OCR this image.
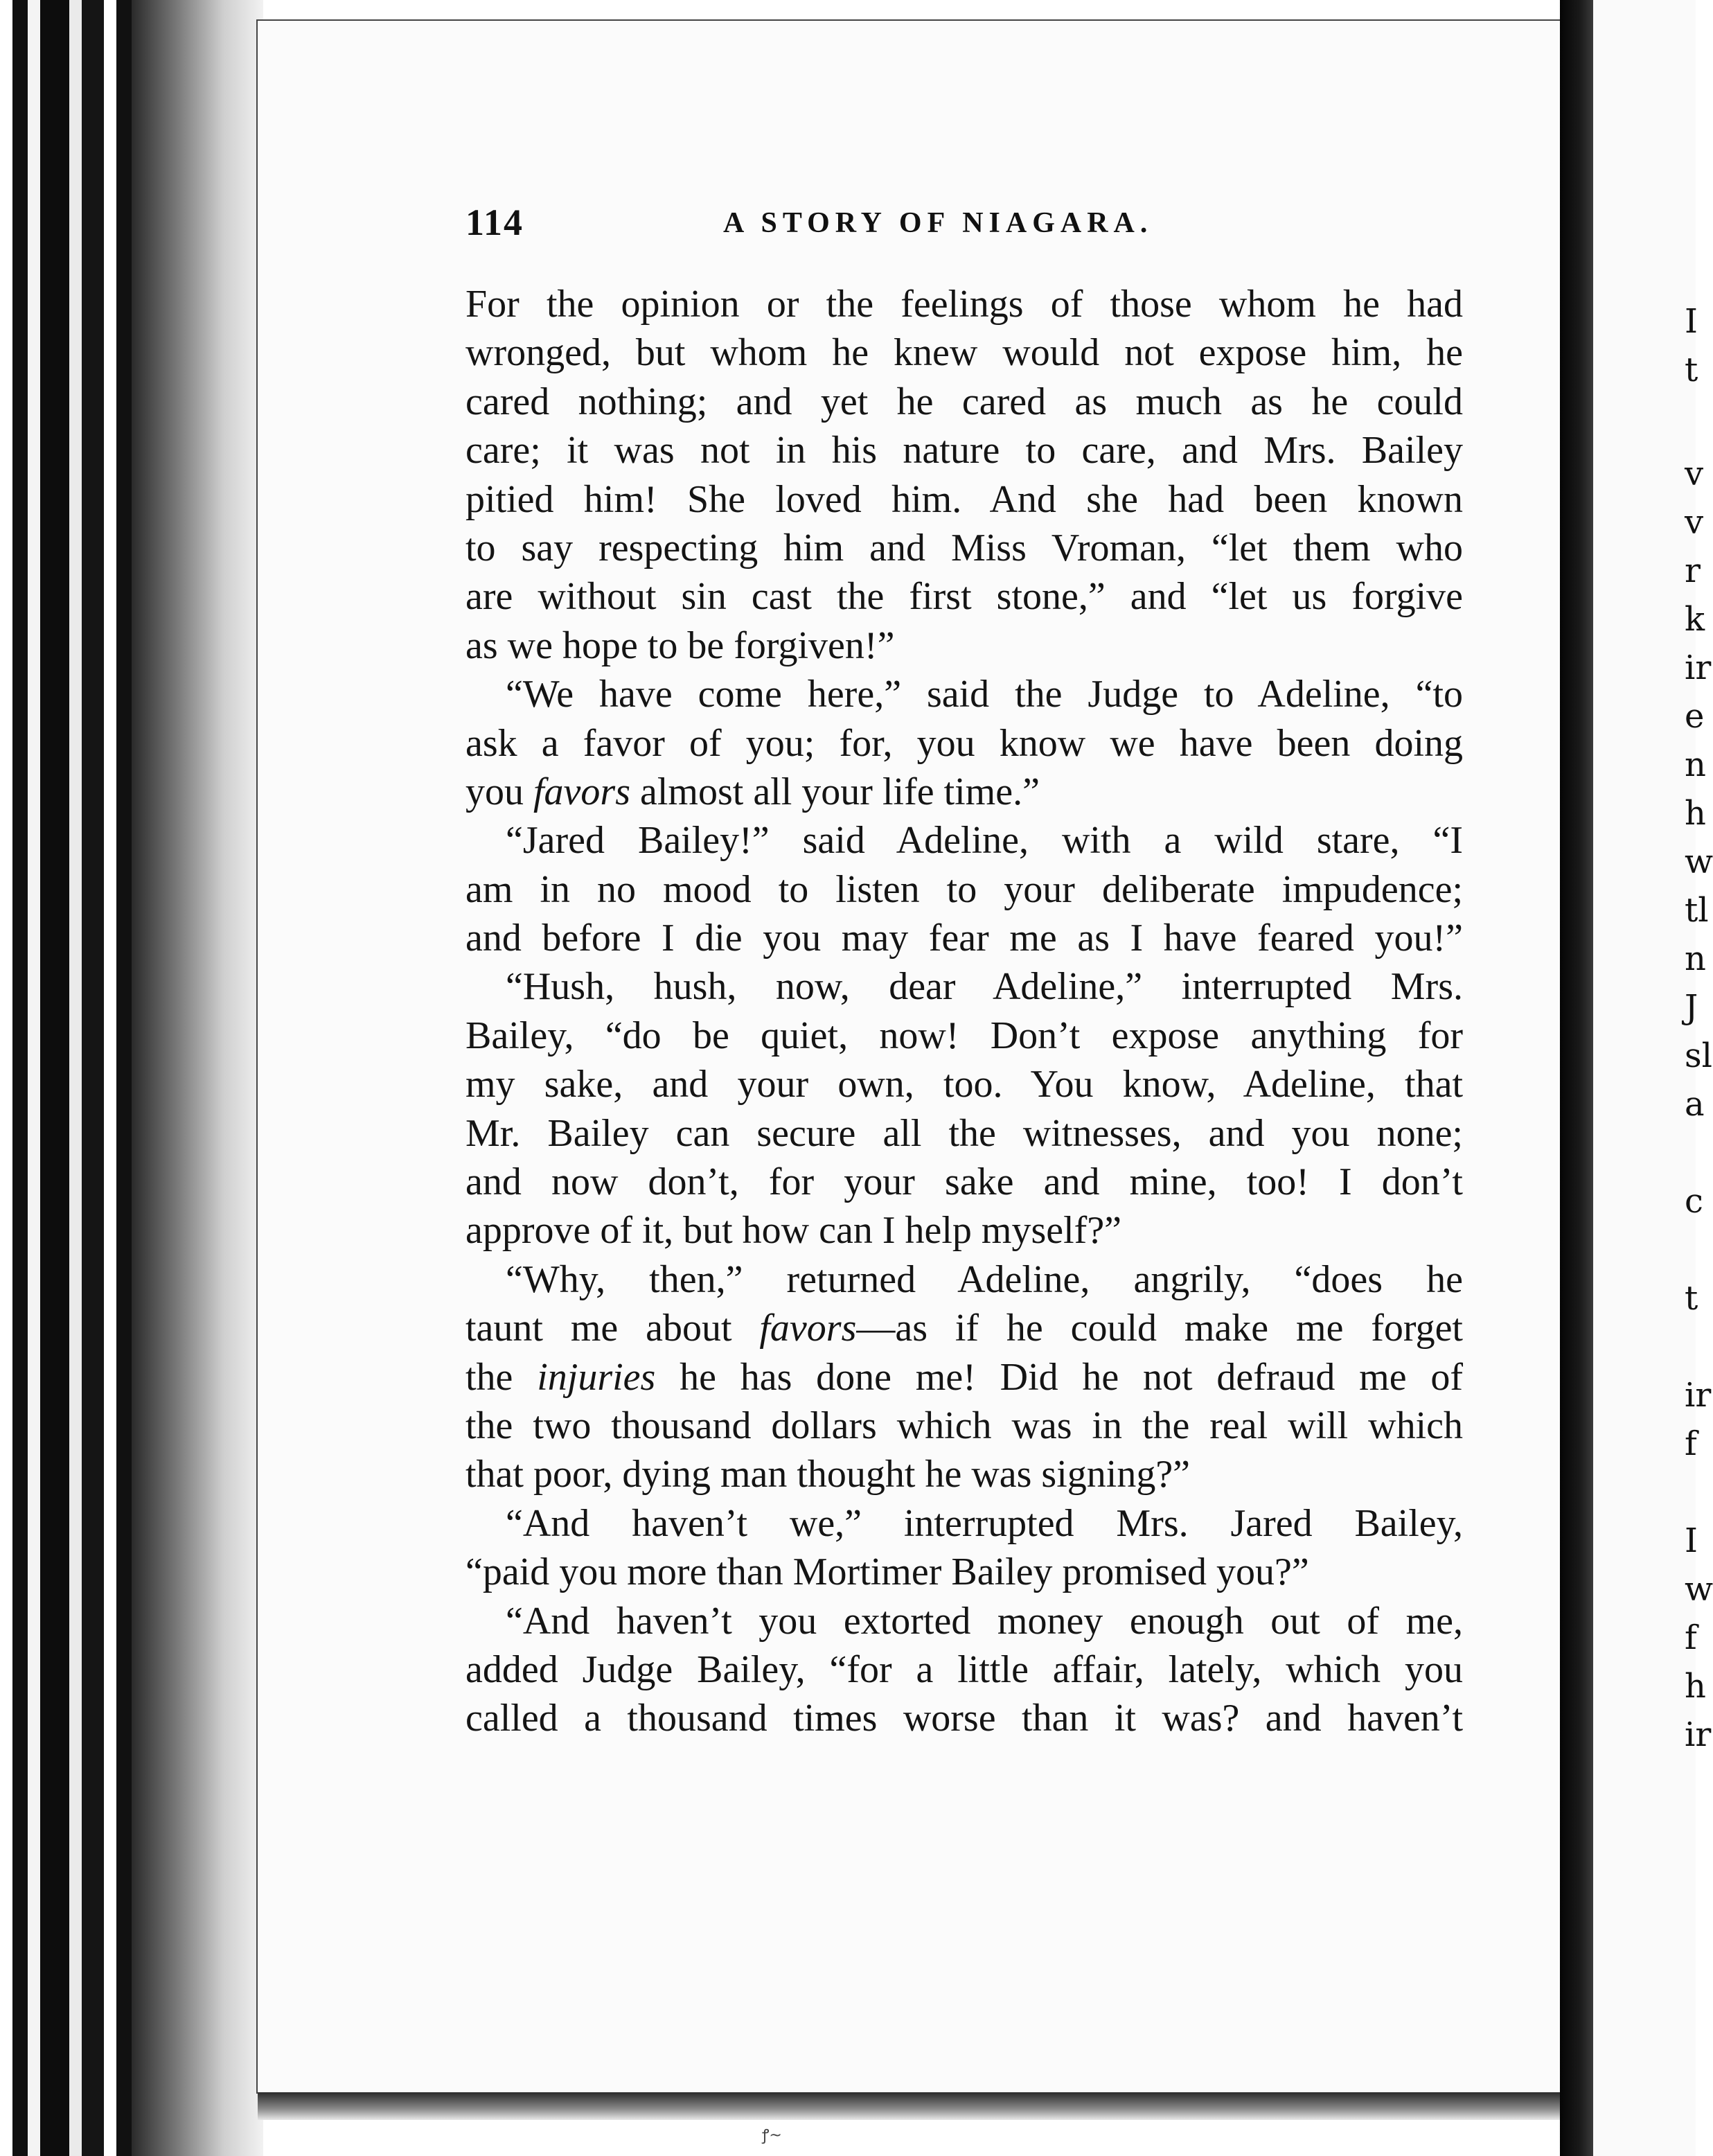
I
t
v
v
r
k
ir
e
n
h
w
tl
n
J
sl
a
c
t
ir
f
I
w
f
h
ir
114	A STORY OF NIAGARA.
For the opinion or the feelings of those whom he had
wronged, but whom he knew would not expose him, he
cared nothing; and yet he cared as much as he could
care; it was not in his nature to care, and Mrs. Bailey
pitied him! She loved him. And she had been known
to say respecting him and Miss Vroman, “let them who
are without sin cast the first stone,” and “let us forgive
as we hope to be forgiven!”
“We have come here,” said the Judge to Adeline, “to
ask a favor of you; for, you know we have been doing
you favors almost all your life time.”
“Jared Bailey!” said Adeline, with a wild stare, “I
am in no mood to listen to your deliberate impudence;
and before I die you may fear me as I have feared you!”
“Hush, hush, now, dear Adeline,” interrupted Mrs.
Bailey, “do be quiet, now! Don’t expose anything for
my sake, and your own, too. You know, Adeline, that
Mr. Bailey can secure all the witnesses, and you none;
and now don’t, for your sake and mine, too! I don’t
approve of it, but how can I help myself?”
“Why, then,” returned Adeline, angrily, “does he
taunt me about favors—as if he could make me forget
the injuries he has done me! Did he not defraud me of
the two thousand dollars which was in the real will which
that poor, dying man thought he was signing?”
“And haven’t we,” interrupted Mrs. Jared Bailey,
“paid you more than Mortimer Bailey promised you?”
“And haven’t you extorted money enough out of me,
added Judge Bailey, “for a little affair, lately, which you
called a thousand times worse than it was? and haven’t
ꝭ~
